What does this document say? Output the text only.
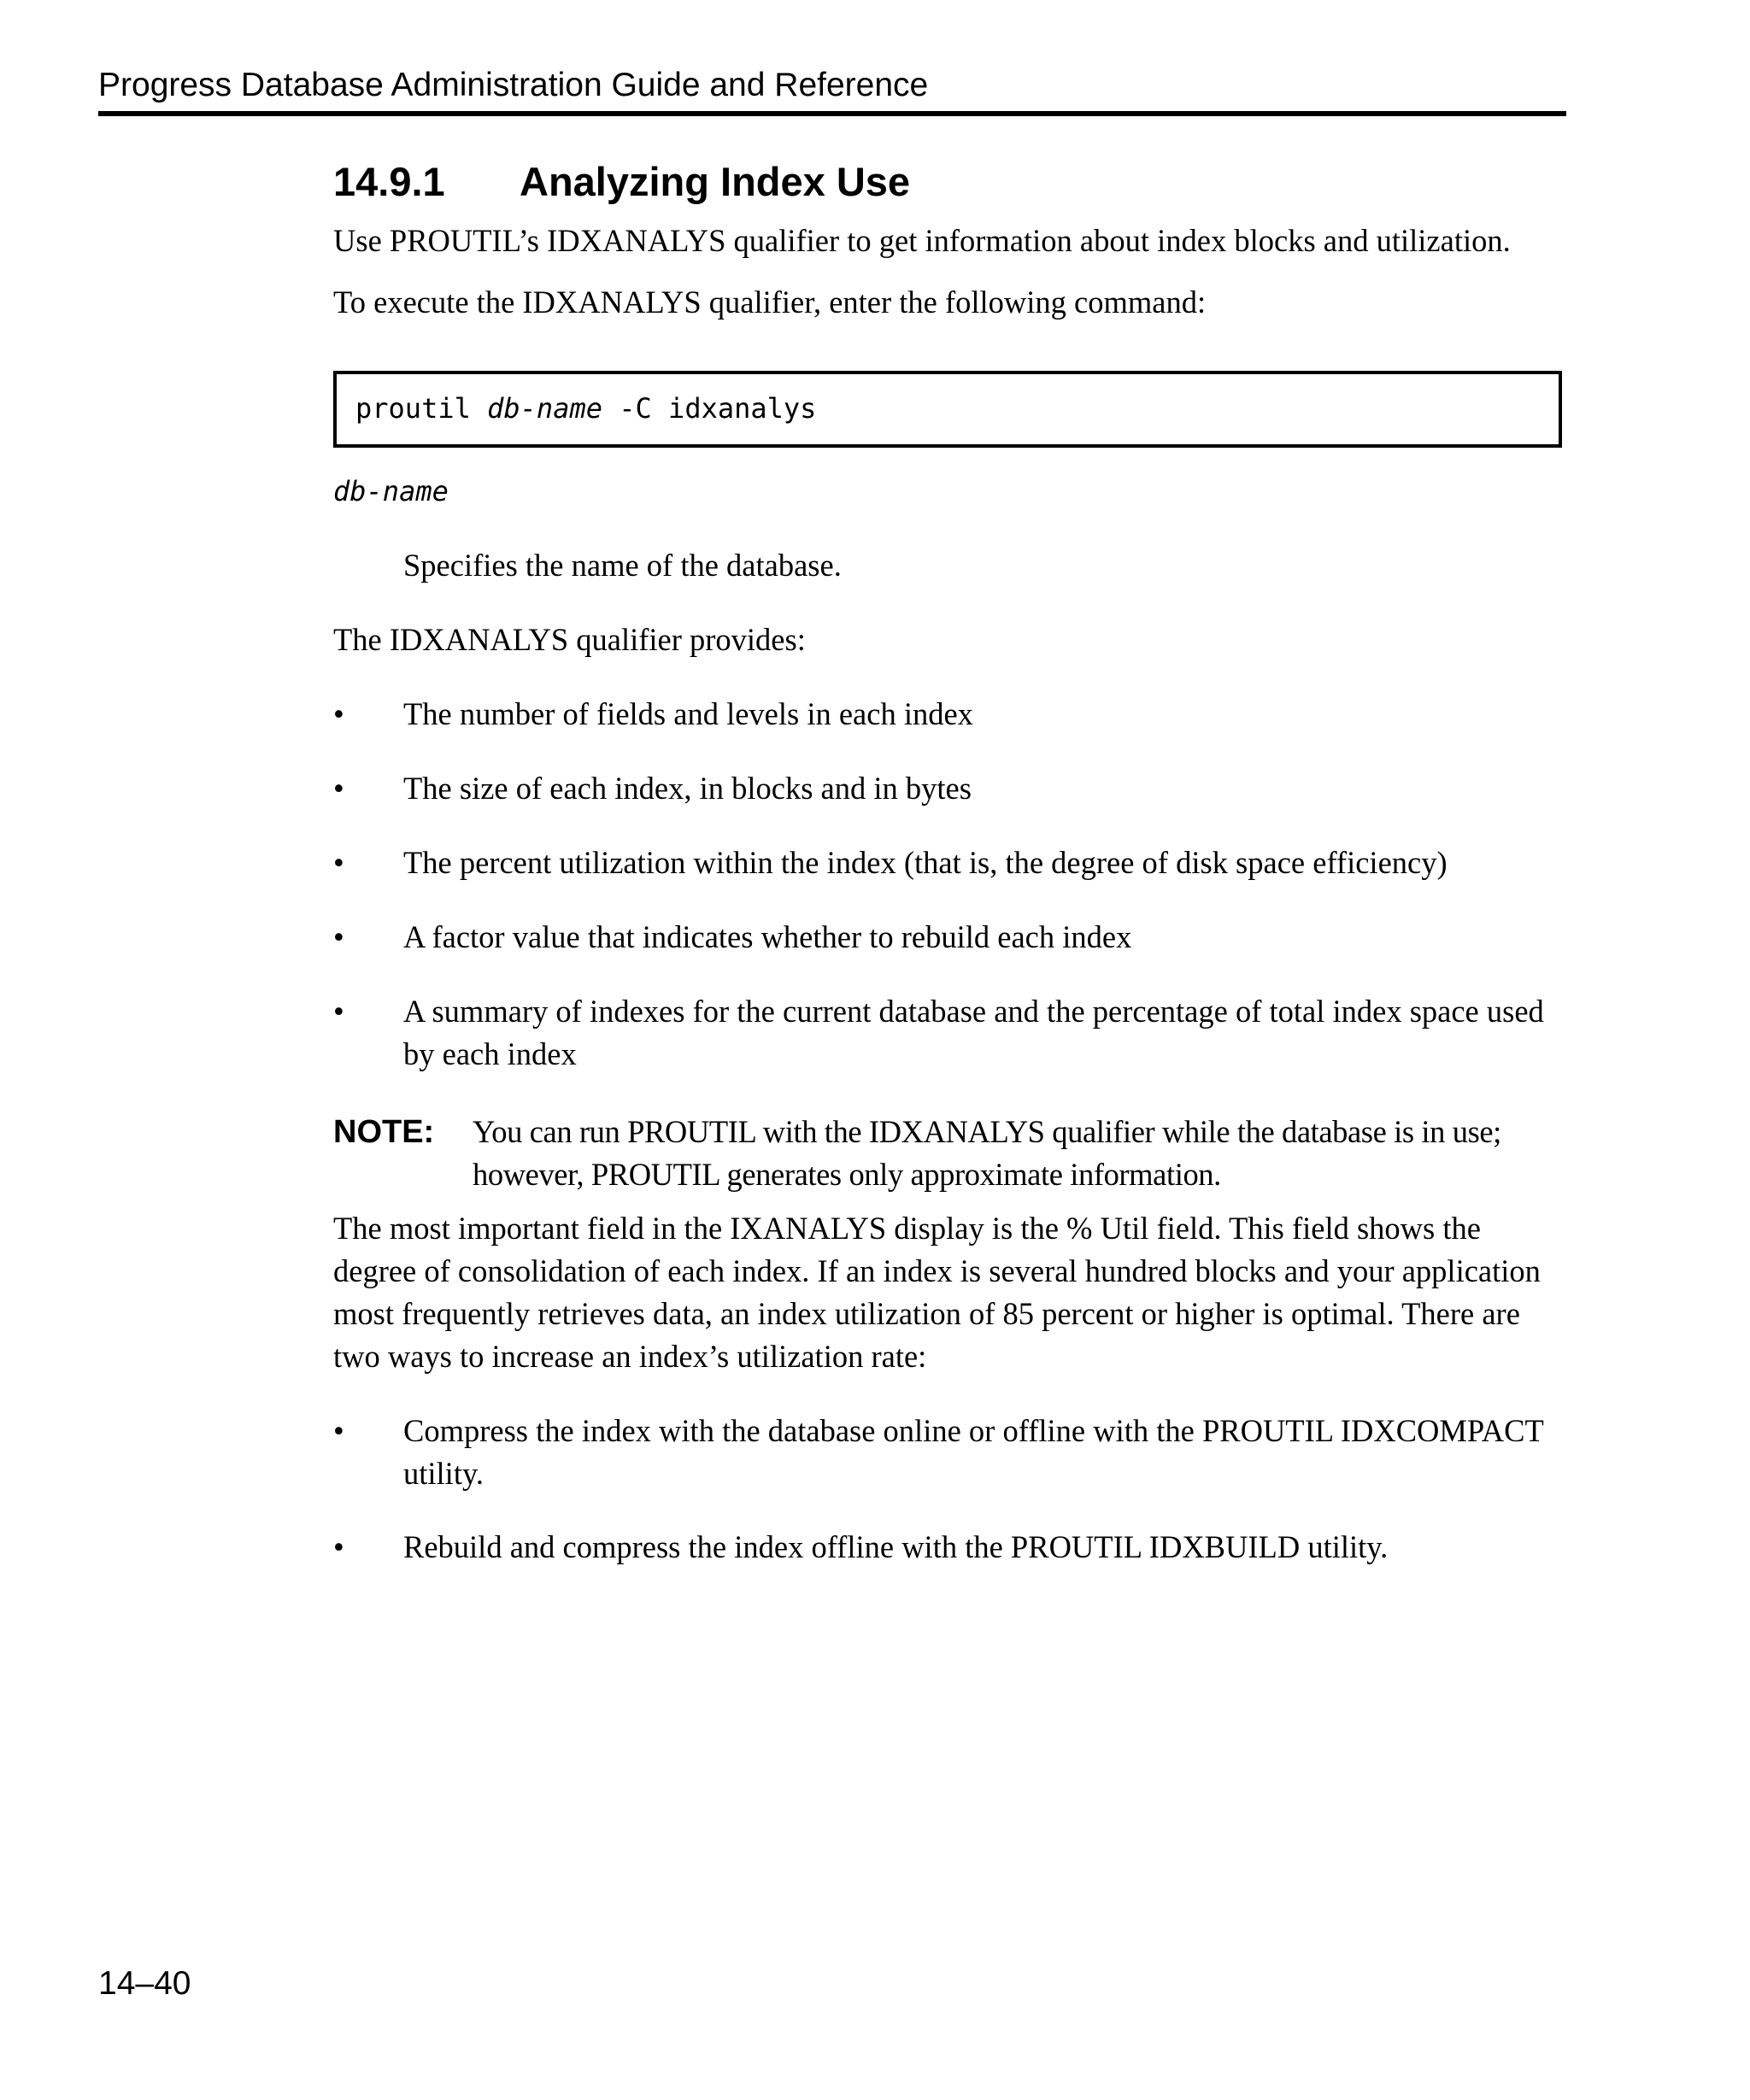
Progress Database Administration Guide and Reference
14.9.1 Analyzing Index Use
Use PROUTIL’s IDXANALYS qualifier to get information about index blocks and utilization.
To execute the IDXANALYS qualifier, enter the following command:
proutil db-name -C idxanalys
db-name
Specifies the name of the database.
The IDXANALYS qualifier provides:
• The number of fields and levels in each index
• The size of each index, in blocks and in bytes
• The percent utilization within the index (that is, the degree of disk space efficiency)
• A factor value that indicates whether to rebuild each index
• A summary of indexes for the current database and the percentage of total index space used by each index
NOTE: You can run PROUTIL with the IDXANALYS qualifier while the database is in use; however, PROUTIL generates only approximate information.
The most important field in the IXANALYS display is the % Util field. This field shows the degree of consolidation of each index. If an index is several hundred blocks and your application most frequently retrieves data, an index utilization of 85 percent or higher is optimal. There are two ways to increase an index’s utilization rate:
• Compress the index with the database online or offline with the PROUTIL IDXCOMPACT utility.
• Rebuild and compress the index offline with the PROUTIL IDXBUILD utility.
14–40
